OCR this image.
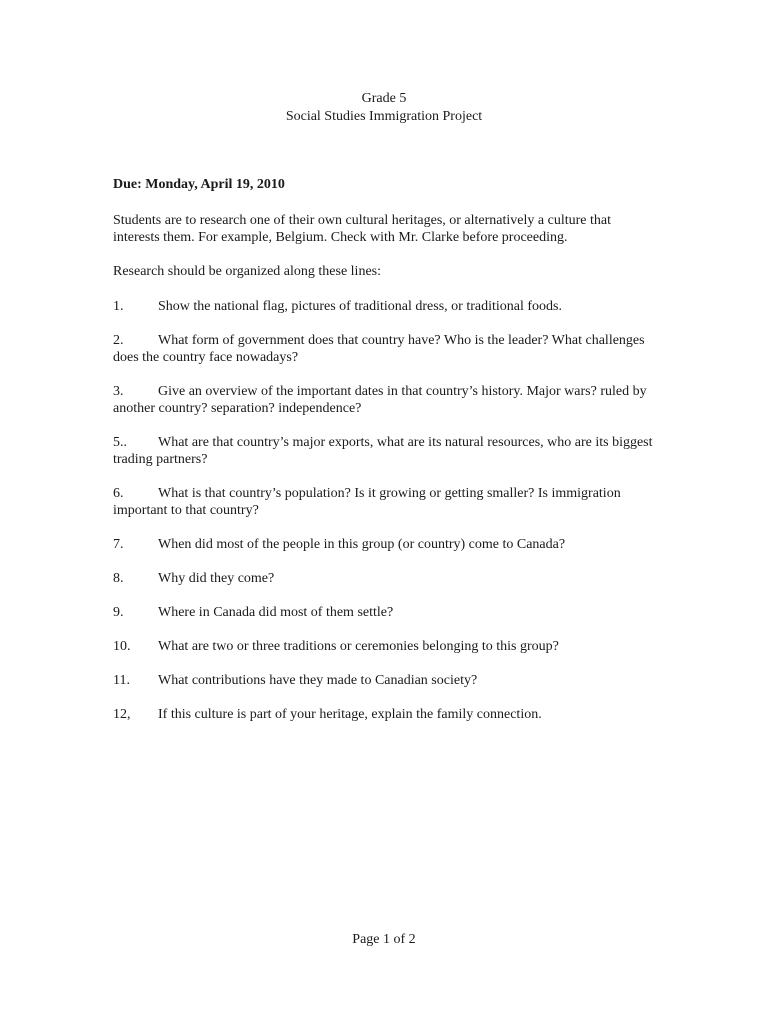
Grade 5
Social Studies Immigration Project
Due: Monday, April 19, 2010
Students are to research one of their own cultural heritages, or alternatively a culture that interests them. For example, Belgium. Check with Mr. Clarke before proceeding.
Research should be organized along these lines:
1. Show the national flag, pictures of traditional dress, or traditional foods.
2. What form of government does that country have? Who is the leader? What challenges does the country face nowadays?
3. Give an overview of the important dates in that country’s history. Major wars? ruled by another country? separation? independence?
5.. What are that country’s major exports, what are its natural resources, who are its biggest trading partners?
6. What is that country’s population? Is it growing or getting smaller? Is immigration important to that country?
7. When did most of the people in this group (or country) come to Canada?
8. Why did they come?
9. Where in Canada did most of them settle?
10. What are two or three traditions or ceremonies belonging to this group?
11. What contributions have they made to Canadian society?
12, If this culture is part of your heritage, explain the family connection.
Page 1 of 2
